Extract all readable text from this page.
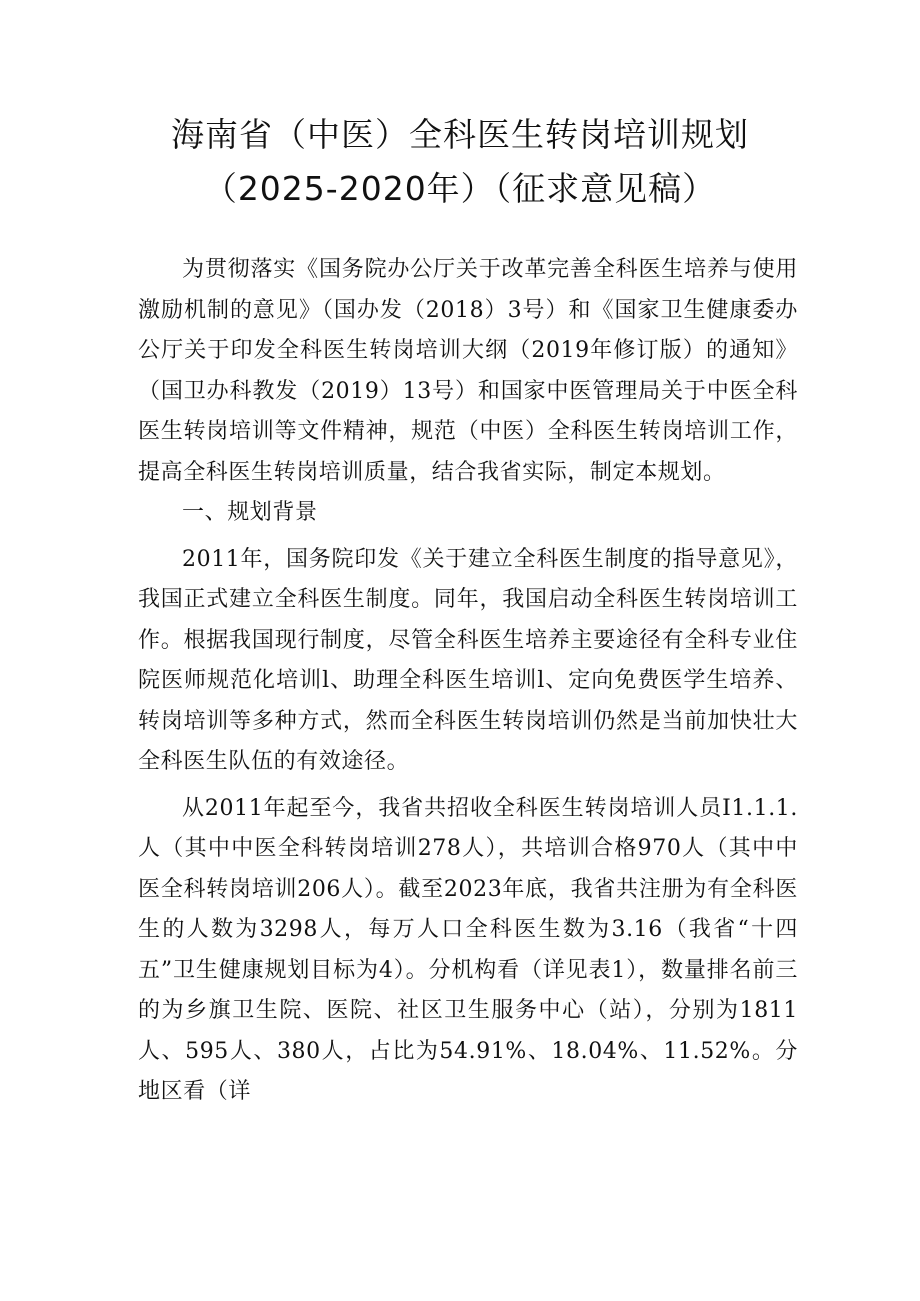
海南省（中医）全科医生转岗培训规划
（2025-2020年）（征求意见稿）

为贯彻落实《国务院办公厅关于改革完善全科医生培养与使用激励机制的意见》（国办发（2018）3号）和《国家卫生健康委办公厅关于印发全科医生转岗培训大纲（2019年修订版）的通知》（国卫办科教发（2019）13号）和国家中医管理局关于中医全科医生转岗培训等文件精神，规范（中医）全科医生转岗培训工作，提高全科医生转岗培训质量，结合我省实际，制定本规划。

一、规划背景

2011年，国务院印发《关于建立全科医生制度的指导意见》，我国正式建立全科医生制度。同年，我国启动全科医生转岗培训工作。根据我国现行制度，尽管全科医生培养主要途径有全科专业住院医师规范化培训l、助理全科医生培训l、定向免费医学生培养、转岗培训等多种方式，然而全科医生转岗培训仍然是当前加快壮大全科医生队伍的有效途径。

从2011年起至今，我省共招收全科医生转岗培训人员I1.1.1.人（其中中医全科转岗培训278人），共培训合格970人（其中中医全科转岗培训206人）。截至2023年底，我省共注册为有全科医生的人数为3298人，每万人口全科医生数为3.16（我省“十四五”卫生健康规划目标为4）。分机构看（详见表1），数量排名前三的为乡旗卫生院、医院、社区卫生服务中心（站），分别为1811人、595人、380人，占比为54.91%、18.04%、11.52%。分地区看（详
